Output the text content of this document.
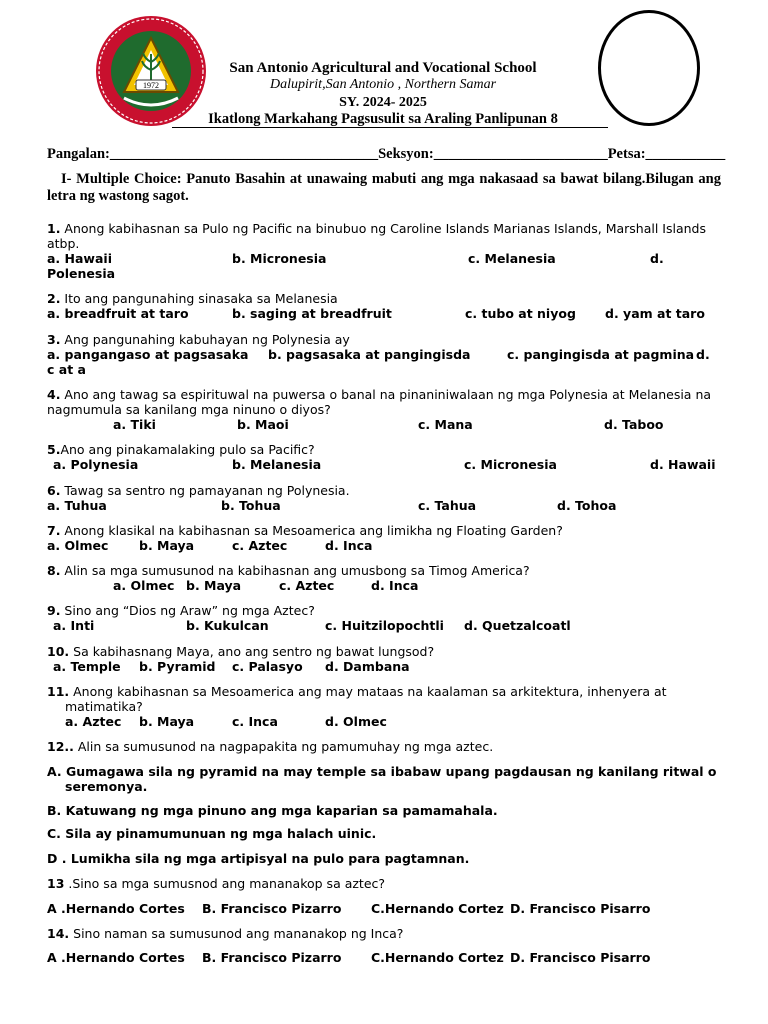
1972
San Antonio Agricultural and Vocational School
Dalupirit,San Antonio , Northern Samar
SY. 2024- 2025
Ikatlong Markahang Pagsusulit sa Araling Panlipunan 8
Pangalan:_____________________________________Seksyon:________________________Petsa:___________
I- Multiple Choice: Panuto Basahin at unawaing mabuti ang mga nakasaad sa bawat bilang.Bilugan ang letra ng wastong sagot.
1. Anong kabihasnan sa Pulo ng Pacific na binubuo ng Caroline Islands Marianas Islands, Marshall Islands atbp.
a. Hawaii	b. Micronesia	c. Melanesia	d.
Polenesia
2. Ito ang pangunahing sinasaka sa Melanesia
a. breadfruit at taro	b. saging at breadfruit	c. tubo at niyog d. yam at taro
3. Ang pangunahing kabuhayan ng Polynesia ay
a. pangangaso at pagsasaka b. pagsasaka at pangingisda	c. pangingisda at pagmina d.
c at a
4. Ano ang tawag sa espirituwal na puwersa o banal na pinaniniwalaan ng mga Polynesia at Melanesia na nagmumula sa kanilang mga ninuno o diyos?
a. Tiki	b. Maoi	c. Mana	d. Taboo
5.Ano ang pinakamalaking pulo sa Pacific?
a. Polynesia	b. Melanesia	c. Micronesia	d. Hawaii
6. Tawag sa sentro ng pamayanan ng Polynesia.
a. Tuhua	b. Tohua	c. Tahua	d. Tohoa
7. Anong klasikal na kabihasnan sa Mesoamerica ang limikha ng Floating Garden?
a. Olmec b. Maya	c. Aztec	d. Inca
8. Alin sa mga sumusunod na kabihasnan ang umusbong sa Timog America?
a. Olmec b. Maya	c. Aztec	d. Inca
9. Sino ang “Dios ng Araw” ng mga Aztec?
a. Inti	b. Kukulcan	c. Huitzilopochtli d. Quetzalcoatl
10. Sa kabihasnang Maya, ano ang sentro ng bawat lungsod?
a. Temple b. Pyramid c. Palasyo d. Dambana
11. Anong kabihasnan sa Mesoamerica ang may mataas na kaalaman sa arkitektura, inhenyera at
matimatika?
a. Aztec b. Maya	c. Inca	d. Olmec
12.. Alin sa sumusunod na nagpapakita ng pamumuhay ng mga aztec.
A. Gumagawa sila ng pyramid na may temple sa ibabaw upang pagdausan ng kanilang ritwal o
seremonya.
B. Katuwang ng mga pinuno ang mga kaparian sa pamamahala.
C. Sila ay pinamumunuan ng mga halach uinic.
D . Lumikha sila ng mga artipisyal na pulo para pagtamnan.
13 .Sino sa mga sumusnod ang mananakop sa aztec?
A .Hernando Cortes B. Francisco Pizarro C.Hernando Cortez D. Francisco Pisarro
14. Sino naman sa sumusunod ang mananakop ng Inca?
A .Hernando Cortes B. Francisco Pizarro C.Hernando Cortez D. Francisco Pisarro
